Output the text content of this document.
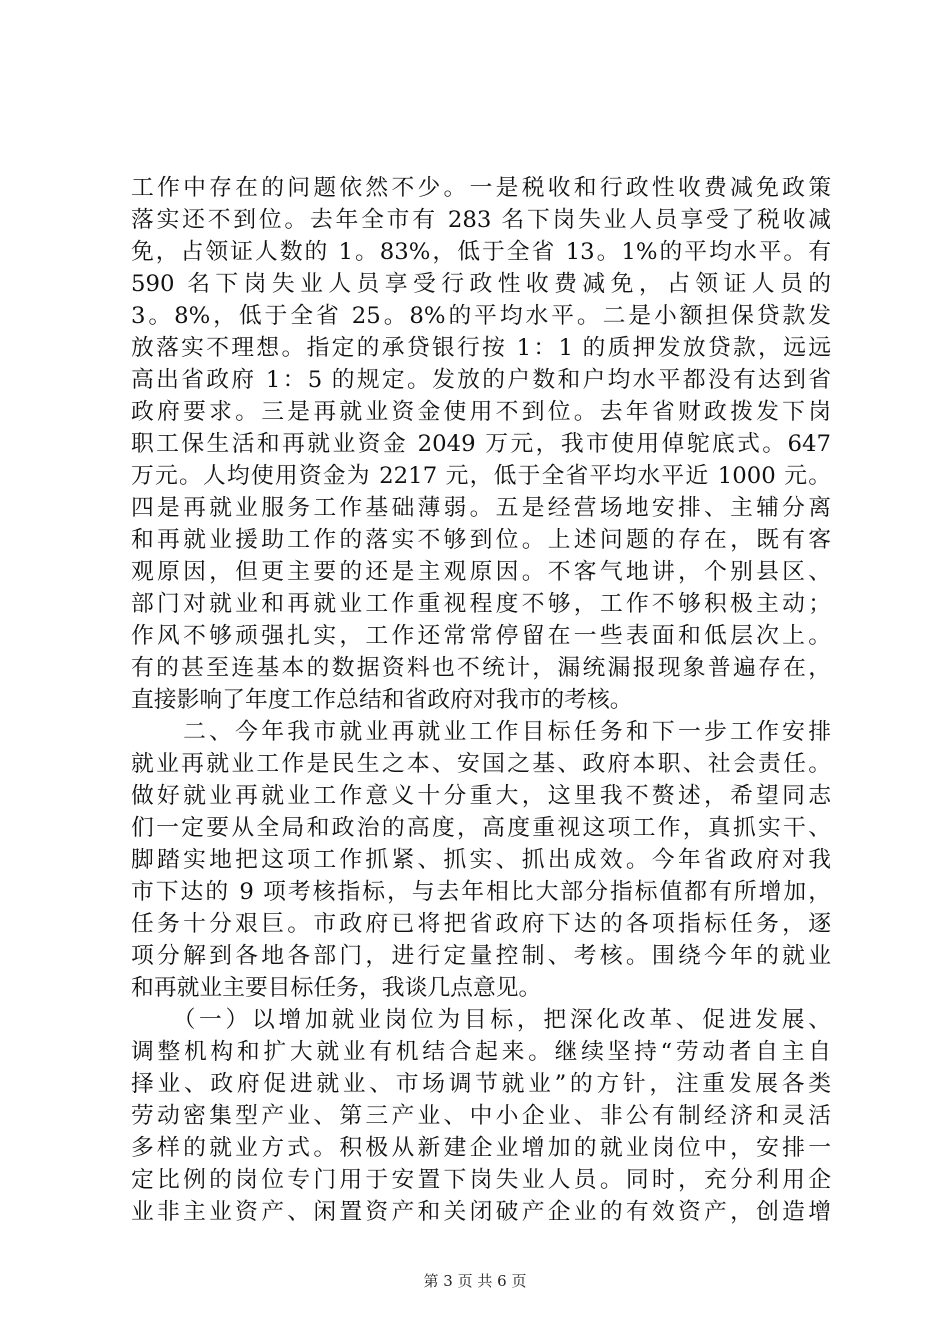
工作中存在的问题依然不少。一是税收和行政性收费减免政策
落实还不到位。去年全市有 283 名下岗失业人员享受了税收减
免，占领证人数的 1。83%，低于全省 13。1%的平均水平。有
590 名下岗失业人员享受行政性收费减免，占领证人员的
3。8%，低于全省 25。8%的平均水平。二是小额担保贷款发
放落实不理想。指定的承贷银行按 1：1 的质押发放贷款，远远
高出省政府 1：5 的规定。发放的户数和户均水平都没有达到省
政府要求。三是再就业资金使用不到位。去年省财政拨发下岗
职工保生活和再就业资金 2049 万元，我市使用倬鸵底式。647
万元。人均使用资金为 2217 元，低于全省平均水平近 1000 元。
四是再就业服务工作基础薄弱。五是经营场地安排、主辅分离
和再就业援助工作的落实不够到位。上述问题的存在，既有客
观原因，但更主要的还是主观原因。不客气地讲，个别县区、
部门对就业和再就业工作重视程度不够，工作不够积极主动；
作风不够顽强扎实，工作还常常停留在一些表面和低层次上。
有的甚至连基本的数据资料也不统计，漏统漏报现象普遍存在，
直接影响了年度工作总结和省政府对我市的考核。
　　二、今年我市就业再就业工作目标任务和下一步工作安排
就业再就业工作是民生之本、安国之基、政府本职、社会责任。
做好就业再就业工作意义十分重大，这里我不赘述，希望同志
们一定要从全局和政治的高度，高度重视这项工作，真抓实干、
脚踏实地把这项工作抓紧、抓实、抓出成效。今年省政府对我
市下达的 9 项考核指标，与去年相比大部分指标值都有所增加，
任务十分艰巨。市政府已将把省政府下达的各项指标任务，逐
项分解到各地各部门，进行定量控制、考核。围绕今年的就业
和再就业主要目标任务，我谈几点意见。
　　（一）以增加就业岗位为目标，把深化改革、促进发展、
调整机构和扩大就业有机结合起来。继续坚持“劳动者自主自
择业、政府促进就业、市场调节就业”的方针，注重发展各类
劳动密集型产业、第三产业、中小企业、非公有制经济和灵活
多样的就业方式。积极从新建企业增加的就业岗位中，安排一
定比例的岗位专门用于安置下岗失业人员。同时，充分利用企
业非主业资产、闲置资产和关闭破产企业的有效资产，创造增
第 3 页 共 6 页
